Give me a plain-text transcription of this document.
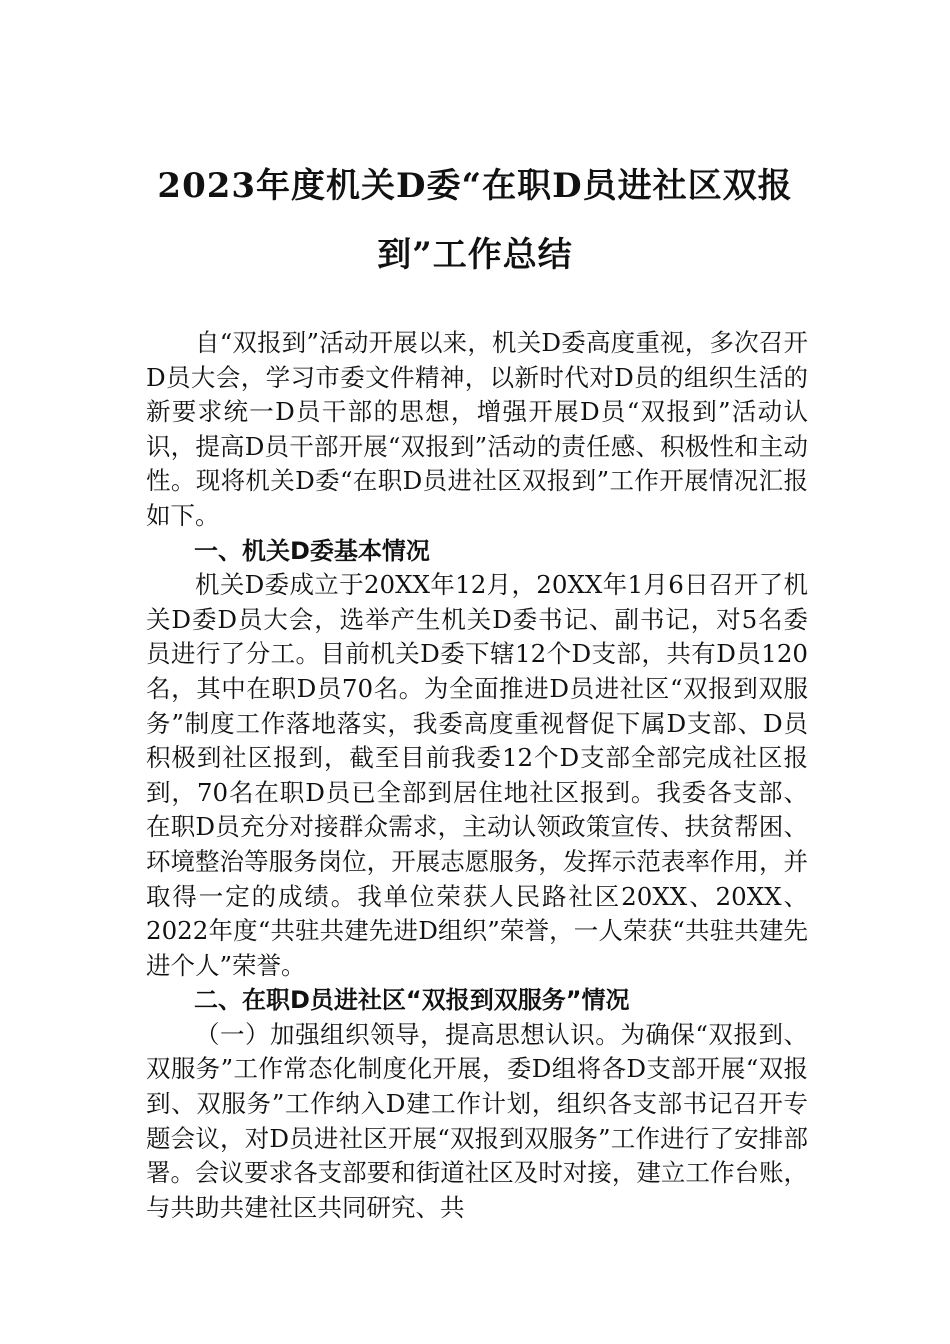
2023年度机关D委“在职D员进社区双报
到”工作总结

自“双报到”活动开展以来，机关D委高度重视，多次召开D员大会，学习市委文件精神，以新时代对D员的组织生活的新要求统一D员干部的思想，增强开展D员“双报到”活动认识，提高D员干部开展“双报到”活动的责任感、积极性和主动性。现将机关D委“在职D员进社区双报到”工作开展情况汇报如下。

一、机关D委基本情况

机关D委成立于20XX年12月，20XX年1月6日召开了机关D委D员大会，选举产生机关D委书记、副书记，对5名委员进行了分工。目前机关D委下辖12个D支部，共有D员120名，其中在职D员70名。为全面推进D员进社区“双报到双服务”制度工作落地落实，我委高度重视督促下属D支部、D员积极到社区报到，截至目前我委12个D支部全部完成社区报到，70名在职D员已全部到居住地社区报到。我委各支部、在职D员充分对接群众需求，主动认领政策宣传、扶贫帮困、环境整治等服务岗位，开展志愿服务，发挥示范表率作用，并取得一定的成绩。我单位荣获人民路社区20XX、20XX、2022年度“共驻共建先进D组织”荣誉，一人荣获“共驻共建先进个人”荣誉。

二、在职D员进社区“双报到双服务”情况

（一）加强组织领导，提高思想认识。为确保“双报到、双服务”工作常态化制度化开展，委D组将各D支部开展“双报到、双服务”工作纳入D建工作计划，组织各支部书记召开专题会议，对D员进社区开展“双报到双服务”工作进行了安排部署。会议要求各支部要和街道社区及时对接，建立工作台账，与共助共建社区共同研究、共
